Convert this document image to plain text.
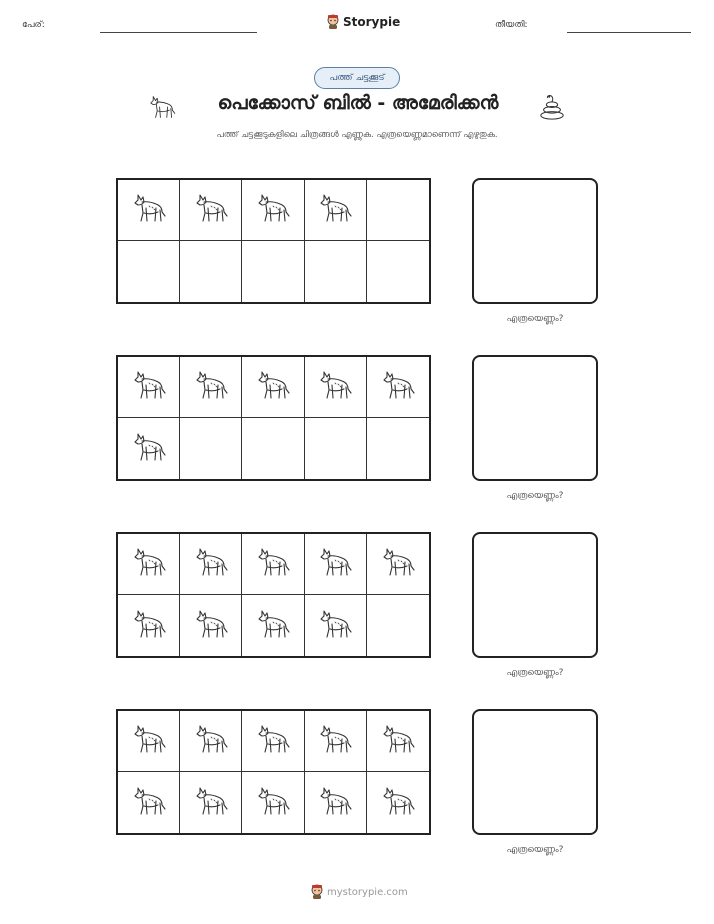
പേര്:	Storypie	തീയതി:
പത്ത് ചട്ടക്കൂട്
പെക്കോസ് ബിൽ - അമേരിക്കൻ
പത്ത് ചട്ടക്കൂടുകളിലെ ചിത്രങ്ങൾ എണ്ണുക. എത്രയെണ്ണമാണെന്ന് എഴുതുക.
എത്രയെണ്ണം?
എത്രയെണ്ണം?
എത്രയെണ്ണം?
എത്രയെണ്ണം?
mystorypie.com
